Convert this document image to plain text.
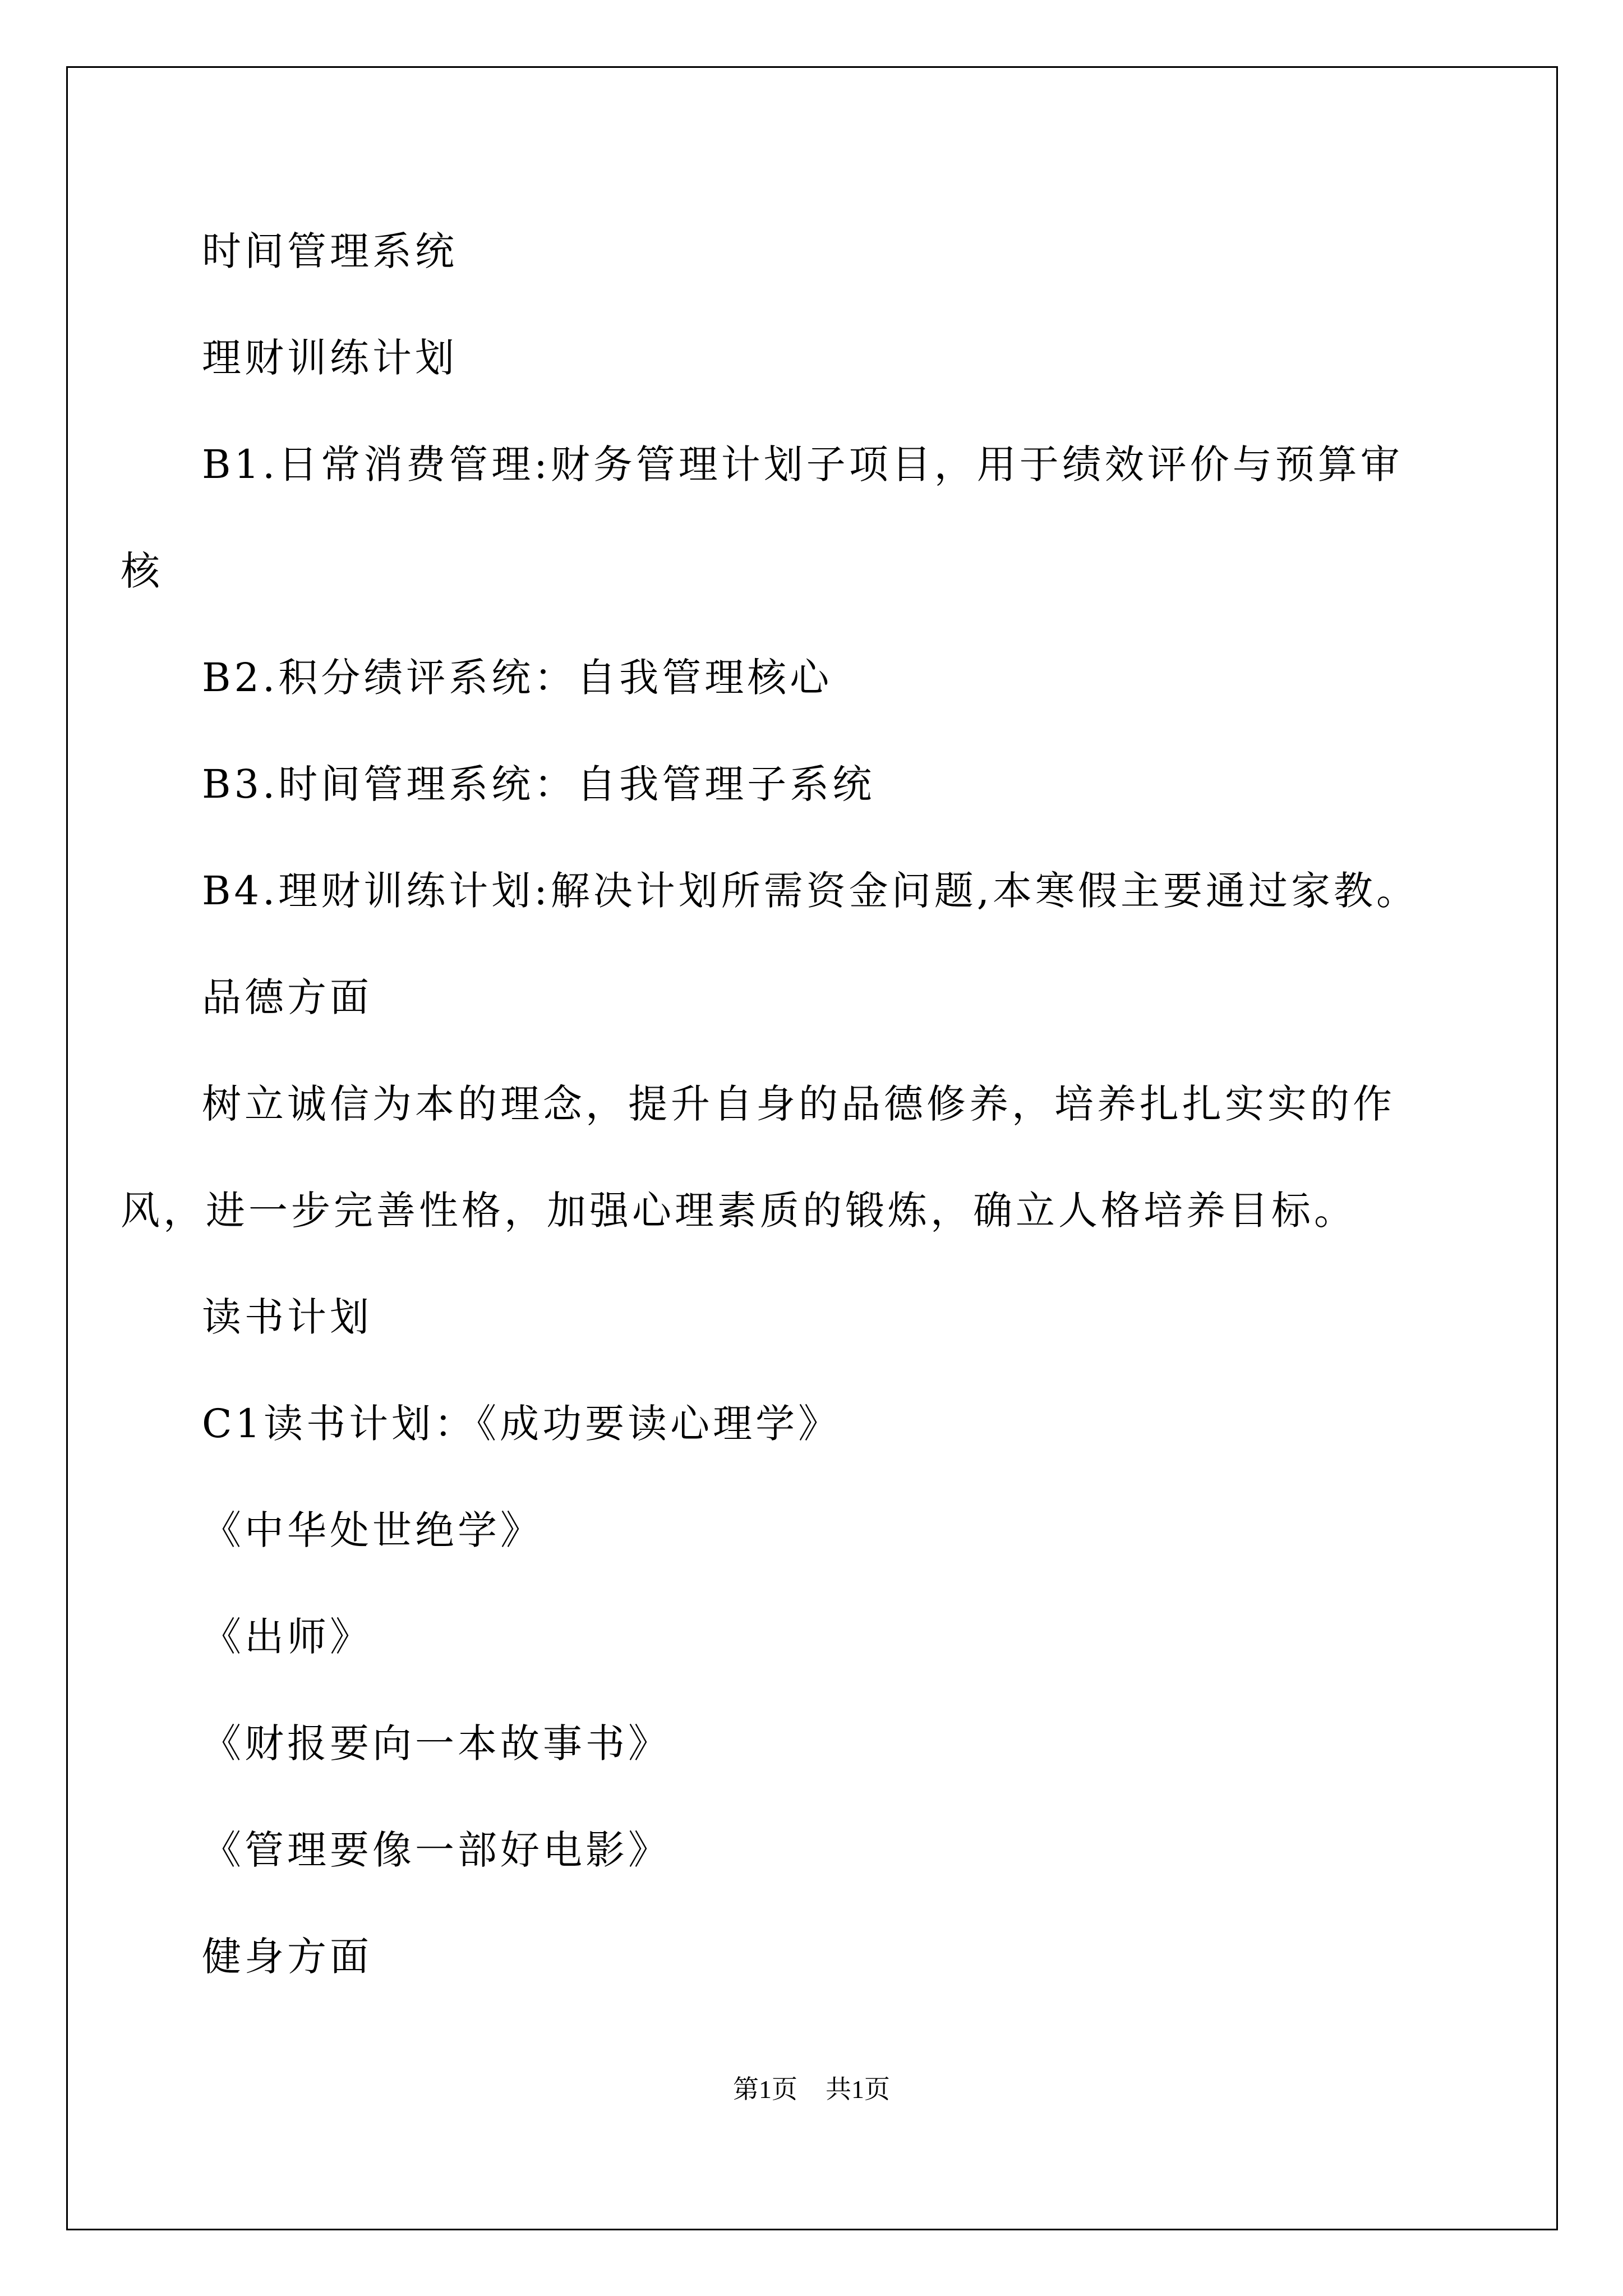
时间管理系统
理财训练计划
B1.日常消费管理:财务管理计划子项目，用于绩效评价与预算审
核
B2.积分绩评系统：自我管理核心
B3.时间管理系统：自我管理子系统
B4.理财训练计划:解决计划所需资金问题,本寒假主要通过家教。
品德方面
树立诚信为本的理念，提升自身的品德修养，培养扎扎实实的作
风，进一步完善性格，加强心理素质的锻炼，确立人格培养目标。
读书计划
C1读书计划：《成功要读心理学》
《中华处世绝学》
《出师》
《财报要向一本故事书》
《管理要像一部好电影》
健身方面
第1页 共1页
